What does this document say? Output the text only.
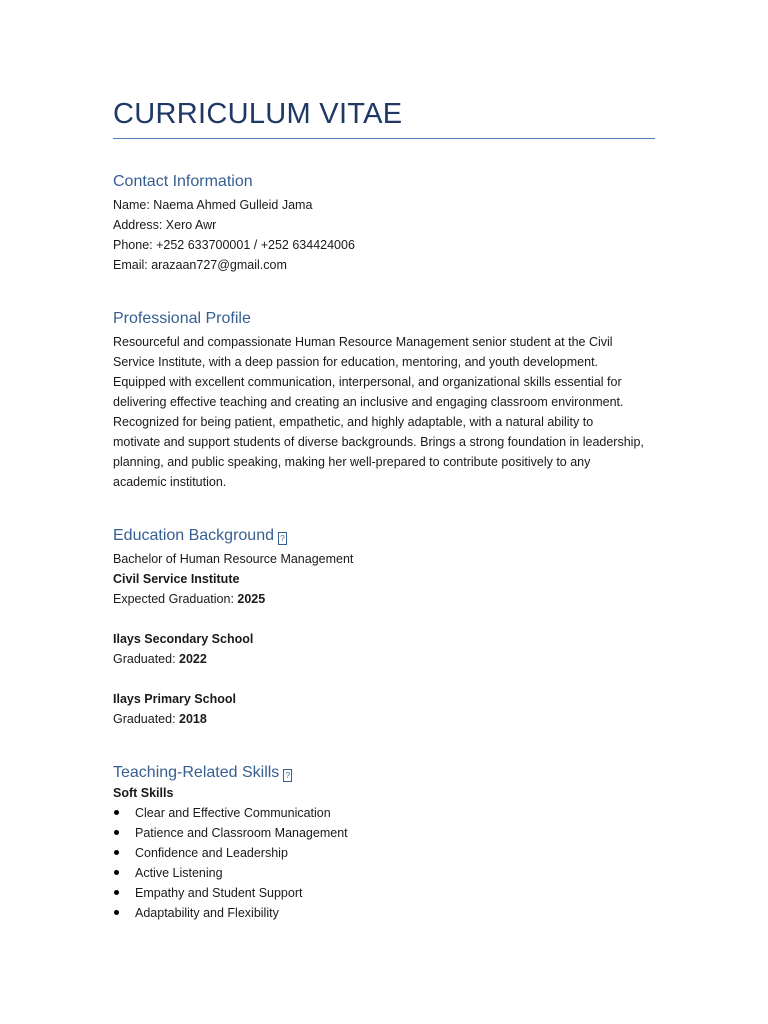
CURRICULUM VITAE
Contact Information
Name: Naema Ahmed Gulleid Jama
Address: Xero Awr
Phone: +252 633700001 / +252 634424006
Email: arazaan727@gmail.com
Professional Profile
Resourceful and compassionate Human Resource Management senior student at the Civil
Service Institute, with a deep passion for education, mentoring, and youth development.
Equipped with excellent communication, interpersonal, and organizational skills essential for
delivering effective teaching and creating an inclusive and engaging classroom environment.
Recognized for being patient, empathetic, and highly adaptable, with a natural ability to
motivate and support students of diverse backgrounds. Brings a strong foundation in leadership,
planning, and public speaking, making her well-prepared to contribute positively to any
academic institution.
Education Background ?
Bachelor of Human Resource Management
Civil Service Institute
Expected Graduation: 2025
Ilays Secondary School
Graduated: 2022
Ilays Primary School
Graduated: 2018
Teaching-Related Skills ?
Soft Skills
Clear and Effective Communication
Patience and Classroom Management
Confidence and Leadership
Active Listening
Empathy and Student Support
Adaptability and Flexibility
